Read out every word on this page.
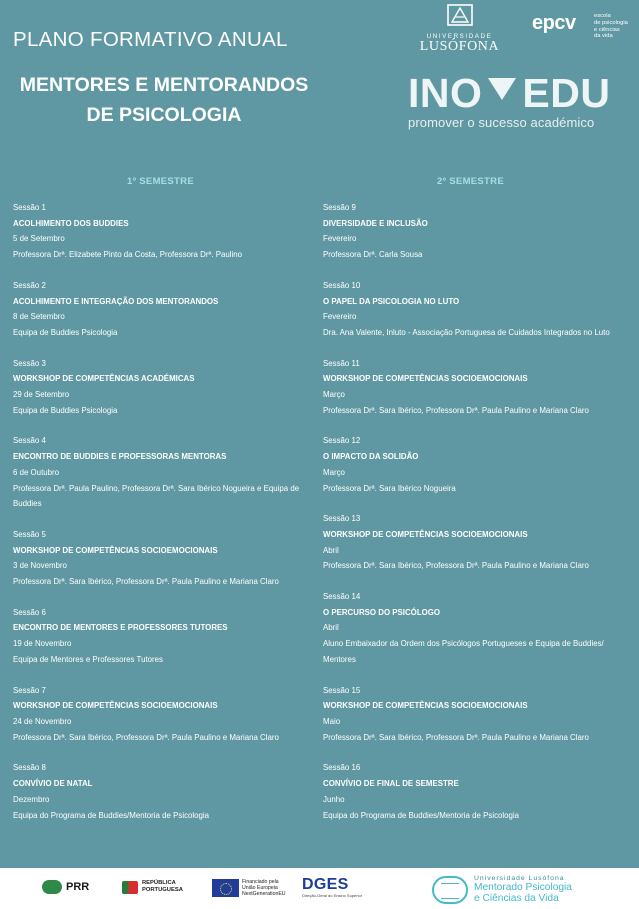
PLANO FORMATIVO ANUAL
MENTORES E MENTORANDOS
DE PSICOLOGIA
UNIVERSIDADE
LUSÓFONA
epcv	escola
de psicologia
e ciências
da vida
INO EDU
promover o sucesso académico
1º SEMESTRE	2º SEMESTRE
Sessão 1
ACOLHIMENTO DOS BUDDIES
5 de Setembro
Professora Drª. Elizabete Pinto da Costa, Professora Drª. Paulino
Sessão 2
ACOLHIMENTO E INTEGRAÇÃO DOS MENTORANDOS
8 de Setembro
Equipa de Buddies Psicologia
Sessão 3
WORKSHOP DE COMPETÊNCIAS ACADÉMICAS
29 de Setembro
Equipa de Buddies Psicologia
Sessão 4
ENCONTRO DE BUDDIES E PROFESSORAS MENTORAS
6 de Outubro
Professora Drª. Paula Paulino, Professora Drª. Sara Ibérico Nogueira e Equipa de Buddies
Sessão 5
WORKSHOP DE COMPETÊNCIAS SOCIOEMOCIONAIS
3 de Novembro
Professora Drª. Sara Ibérico, Professora Drª. Paula Paulino e Mariana Claro
Sessão 6
ENCONTRO DE MENTORES E PROFESSORES TUTORES
19 de Novembro
Equipa de Mentores e Professores Tutores
Sessão 7
WORKSHOP DE COMPETÊNCIAS SOCIOEMOCIONAIS
24 de Novembro
Professora Drª. Sara Ibérico, Professora Drª. Paula Paulino e Mariana Claro
Sessão 8
CONVÍVIO DE NATAL
Dezembro
Equipa do Programa de Buddies/Mentoria de Psicologia
Sessão 9
DIVERSIDADE E INCLUSÃO
Fevereiro
Professora Drª. Carla Sousa
Sessão 10
O PAPEL DA PSICOLOGIA NO LUTO
Fevereiro
Dra. Ana Valente, Inluto - Associação Portuguesa de Cuidados Integrados no Luto
Sessão 11
WORKSHOP DE COMPETÊNCIAS SOCIOEMOCIONAIS
Março
Professora Drª. Sara Ibérico, Professora Drª. Paula Paulino e Mariana Claro
Sessão 12
O IMPACTO DA SOLIDÃO
Março
Professora Drª. Sara Ibérico Nogueira
Sessão 13
WORKSHOP DE COMPETÊNCIAS SOCIOEMOCIONAIS
Abril
Professora Drª. Sara Ibérico, Professora Drª. Paula Paulino e Mariana Claro
Sessão 14
O PERCURSO DO PSICÓLOGO
Abril
Aluno Embaixador da Ordem dos Psicólogos Portugueses e Equipa de Buddies/ Mentores
Sessão 15
WORKSHOP DE COMPETÊNCIAS SOCIOEMOCIONAIS
Maio
Professora Drª. Sara Ibérico, Professora Drª. Paula Paulino e Mariana Claro
Sessão 16
CONVÍVIO DE FINAL DE SEMESTRE
Junho
Equipa do Programa de Buddies/Mentoria de Psicologia
PRR	REPÚBLICA
PORTUGUESA
Financiado pela
União Europeia
NextGenerationEU
DGES
Direção-Geral do Ensino Superior
Universidade Lusófona
Mentorado Psicologia
e Ciências da Vida
